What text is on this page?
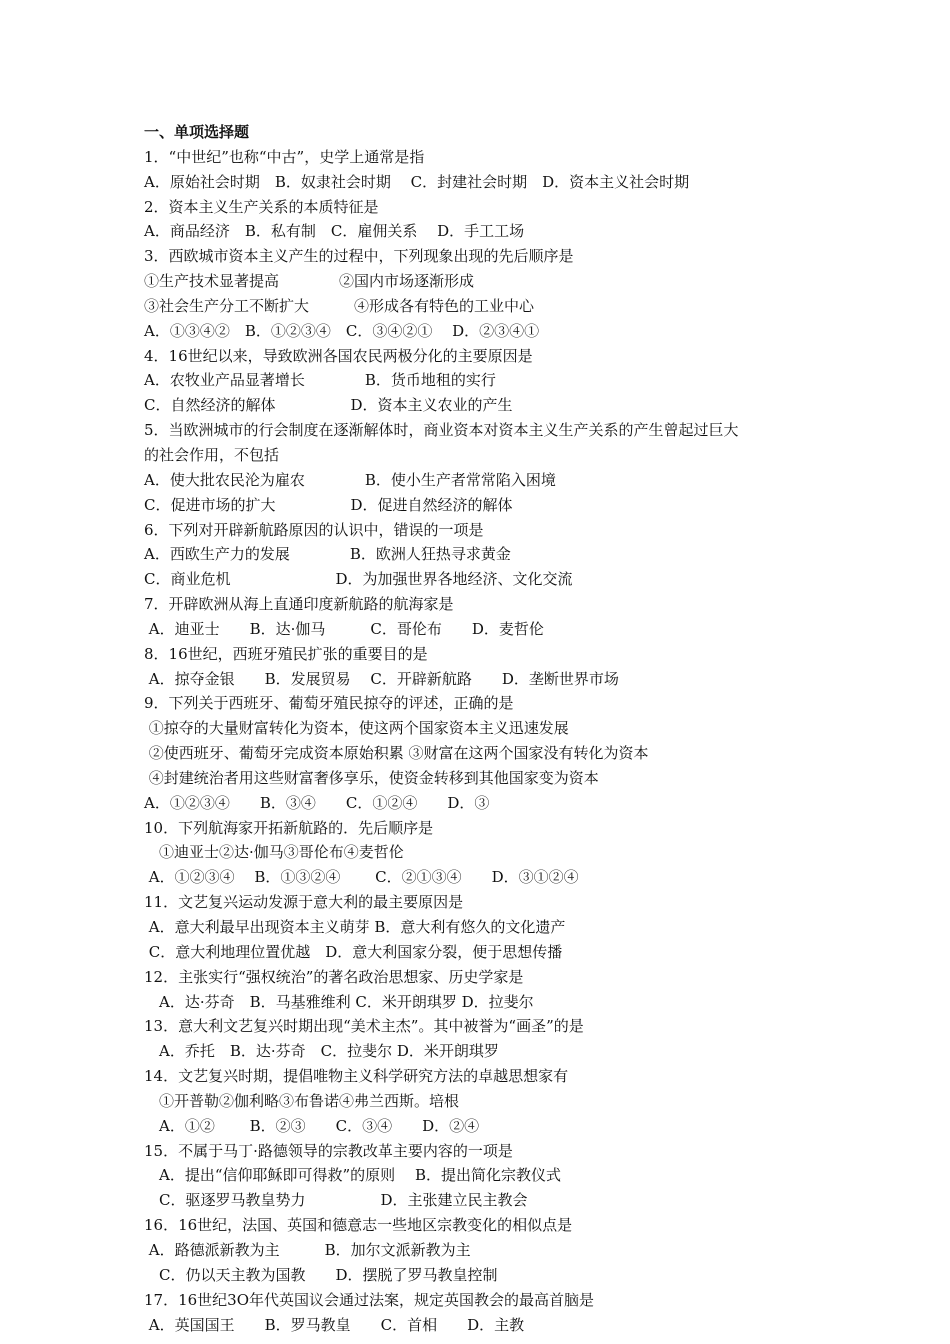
一、单项选择题
1．“中世纪”也称“中古”，史学上通常是指
A．原始社会时期　B．奴隶社会时期　 C．封建社会时期　D．资本主义社会时期
2．资本主义生产关系的本质特征是
A．商品经济　B．私有制　C．雇佣关系　 D．手工工场
3．西欧城市资本主义产生的过程中，下列现象出现的先后顺序是
①生产技术显著提高　　　　②国内市场逐渐形成
③社会生产分工不断扩大　　　④形成各有特色的工业中心
A．①③④②　B．①②③④　C．③④②①　 D．②③④①
4．16世纪以来，导致欧洲各国农民两极分化的主要原因是
A．农牧业产品显著增长　　　　B．货币地租的实行
C．自然经济的解体　　　　　D．资本主义农业的产生
5．当欧洲城市的行会制度在逐渐解体时，商业资本对资本主义生产关系的产生曾起过巨大
的社会作用，不包括
A．使大批农民沦为雇农　　　　B．使小生产者常常陷入困境
C．促进市场的扩大　　　　　D．促进自然经济的解体
6．下列对开辟新航路原因的认识中，错误的一项是
A．西欧生产力的发展　　　　B．欧洲人狂热寻求黄金
C．商业危机　　　　　　　D．为加强世界各地经济、文化交流
7．开辟欧洲从海上直通印度新航路的航海家是
A．迪亚士　　B．达·伽马　　　C．哥伦布　　D．麦哲伦
8．16世纪，西班牙殖民扩张的重要目的是
A．掠夺金银　　B．发展贸易　 C．开辟新航路　　D．垄断世界市场
9．下列关于西班牙、葡萄牙殖民掠夺的评述，正确的是
①掠夺的大量财富转化为资本，使这两个国家资本主义迅速发展
②使西班牙、葡萄牙完成资本原始积累 ③财富在这两个国家没有转化为资本
④封建统治者用这些财富奢侈享乐，使资金转移到其他国家变为资本
A．①②③④　　B．③④　　C．①②④　　D．③
10．下列航海家开拓新航路的．先后顺序是
　①迪亚士②达·伽马③哥伦布④麦哲伦
A．①②③④　 B．①③②④　　 C．②①③④　　D．③①②④
11．文艺复兴运动发源于意大利的最主要原因是
A．意大利最早出现资本主义萌芽 B．意大利有悠久的文化遗产
C．意大利地理位置优越　D．意大利国家分裂，便于思想传播
12．主张实行“强权统治”的著名政治思想家、历史学家是
　A．达·芬奇　B．马基雅维利 C．米开朗琪罗 D．拉斐尔
13．意大利文艺复兴时期出现“美术主杰”。其中被誉为“画圣”的是
　A．乔托　B．达·芬奇　C．拉斐尔 D．米开朗琪罗
14．文艺复兴时期，提倡唯物主义科学研究方法的卓越思想家有
　①开普勒②伽利略③布鲁诺④弗兰西斯。培根
　A．①②　　 B．②③　　C．③④　　D．②④
15．不属于马丁·路德领导的宗教改革主要内容的一项是
　A．提出“信仰耶稣即可得救”的原则　 B．提出简化宗教仪式
　C．驱逐罗马教皇势力　　　　　D．主张建立民主教会
16．16世纪，法国、英国和德意志一些地区宗教变化的相似点是
A．路德派新教为主　　　B．加尔文派新教为主
　C．仍以天主教为国教　　D．摆脱了罗马教皇控制
17．16世纪3O年代英国议会通过法案，规定英国教会的最高首脑是
A．英国国王　　B．罗马教皇　　C．首相　　D．主教
